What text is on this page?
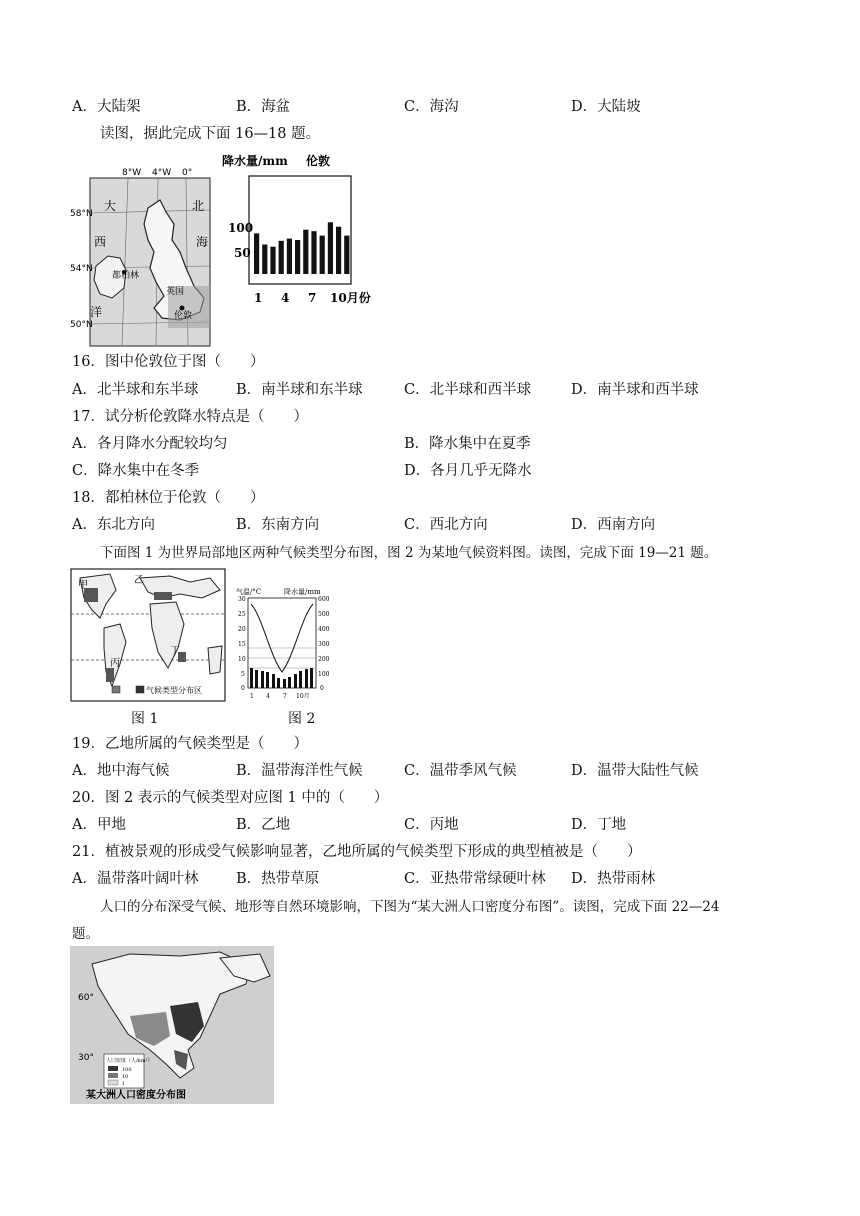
A．大陆架	B．海盆	C．海沟	D．大陆坡
读图，据此完成下面 16—18 题。
大	北
西	海
洋
都柏林
英国
伦敦
8°W 4°W 0°
58°N
54°N
50°N
降水量/mm 伦敦
100
50
1 4 7 10月份
16．图中伦敦位于图（　　）
A．北半球和东半球	B．南半球和东半球	C．北半球和西半球	D．南半球和西半球
17．试分析伦敦降水特点是（　　）
A．各月降水分配较均匀	B．降水集中在夏季
C．降水集中在冬季	D．各月几乎无降水
18．都柏林位于伦敦（　　）
A．东北方向	B．东南方向	C．西北方向	D．西南方向
下面图 1 为世界局部地区两种气候类型分布图，图 2 为某地气候资料图。读图，完成下面 19—21 题。
甲	乙
丙
丁
气候类型分布区
图 1
气温/°C	降水量/mm
30
25
20
15
10
5
0
600
500
400
300
200
100
0
1 4 7 10月
图 2
19．乙地所属的气候类型是（　　）
A．地中海气候	B．温带海洋性气候	C．温带季风气候	D．温带大陆性气候
20．图 2 表示的气候类型对应图 1 中的（　　）
A．甲地	B．乙地	C．丙地	D．丁地
21．植被景观的形成受气候影响显著，乙地所属的气候类型下形成的典型植被是（　　）
A．温带落叶阔叶林	B．热带草原	C．亚热带常绿硬叶林 D．热带雨林
人口的分布深受气候、地形等自然环境影响，下图为“某大洲人口密度分布图”。读图，完成下面 22—24
题。
60°
30° 人口密度（人/km²）
100
10
1
某大洲人口密度分布图
